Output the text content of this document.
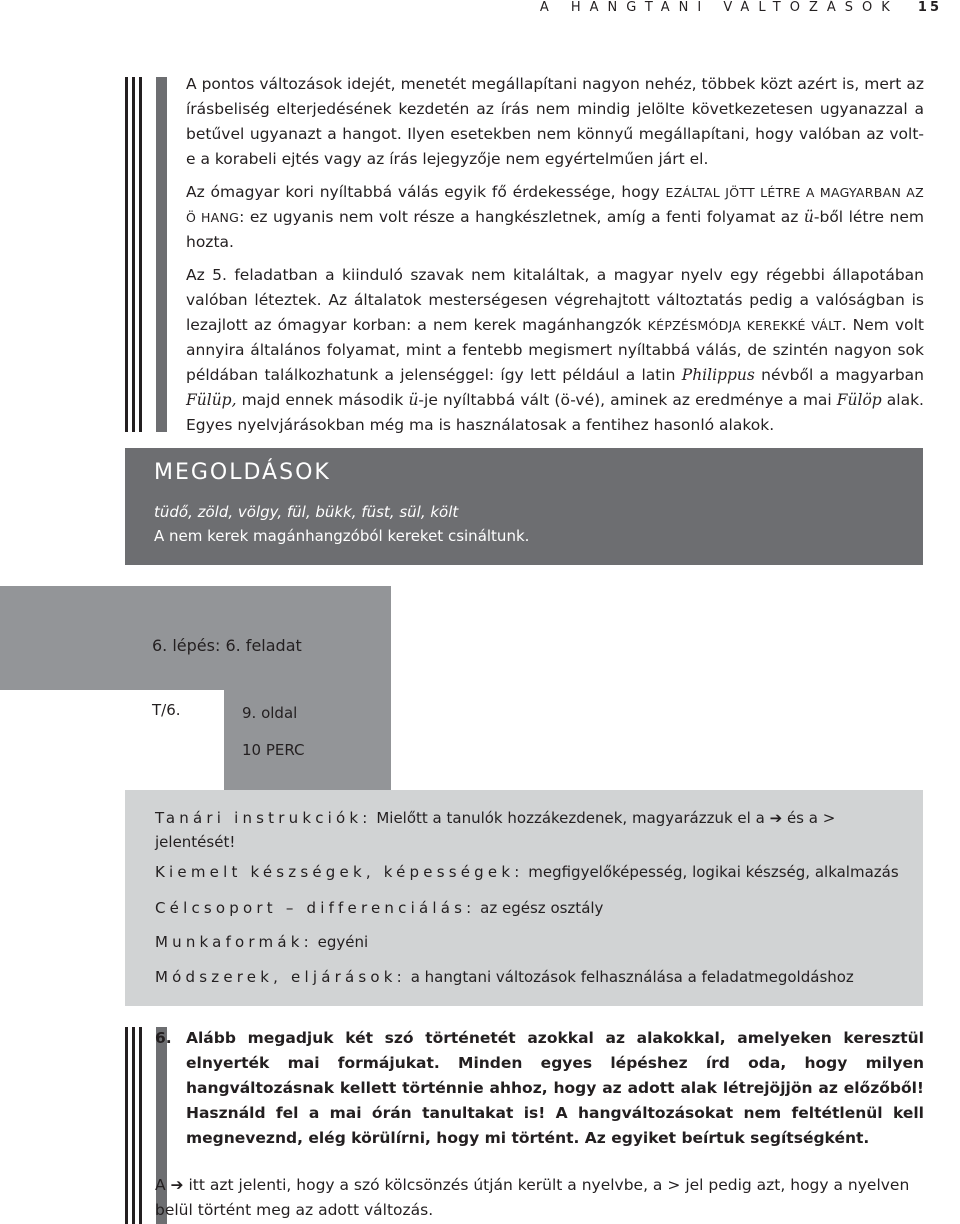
A HANGTANI VÁLTOZÁSOK 15

A pontos változások idejét, menetét megállapítani nagyon nehéz, többek közt azért is, mert az írásbeliség elterjedésének kezdetén az írás nem mindig jelölte következetesen ugyanazzal a betűvel ugyanazt a hangot. Ilyen esetekben nem könnyű megállapítani, hogy valóban az volt-e a korabeli ejtés vagy az írás lejegyzője nem egyértelműen járt el.

Az ómagyar kori nyíltabbá válás egyik fő érdekessége, hogy EZÁLTAL JÖTT LÉTRE A MAGYARBAN AZ Ö HANG: ez ugyanis nem volt része a hangkészletnek, amíg a fenti folyamat az ü-ből létre nem hozta.

Az 5. feladatban a kiinduló szavak nem kitaláltak, a magyar nyelv egy régebbi állapotában valóban léteztek. Az általatok mesterségesen végrehajtott változtatás pedig a valóságban is lezajlott az ómagyar korban: a nem kerek magánhangzók KÉPZÉSMÓDJA KEREKKÉ VÁLT. Nem volt annyira általános folyamat, mint a fentebb megismert nyíltabbá válás, de szintén nagyon sok példában találkozhatunk a jelenséggel: így lett például a latin Philippus névből a magyarban Fülüp, majd ennek második ü-je nyíltabbá vált (ö-vé), aminek az eredménye a mai Fülöp alak. Egyes nyelvjárásokban még ma is használatosak a fentihez hasonló alakok.

MEGOLDÁSOK
tüdő, zöld, völgy, fül, bükk, füst, sül, költ
A nem kerek magánhangzóból kereket csináltunk.
6. lépés: 6. feladat
T/6.	9. oldal
10 PERC
Tanári instrukciók: Mielőtt a tanulók hozzákezdenek, magyarázzuk el a ➔ és a > jelentését!
Kiemelt készségek, képességek: megfigyelőképesség, logikai készség, alkalmazás
Célcsoport – differenciálás: az egész osztály
Munkaformák: egyéni
Módszerek, eljárások: a hangtani változások felhasználása a feladatmegoldáshoz
6. Alább megadjuk két szó történetét azokkal az alakokkal, amelyeken keresztül elnyerték mai formájukat. Minden egyes lépéshez írd oda, hogy milyen hangváltozásnak kellett történnie ahhoz, hogy az adott alak létrejöjjön az előzőből! Használd fel a mai órán tanultakat is! A hangváltozásokat nem feltétlenül kell megneveznd, elég körülírni, hogy mi történt. Az egyiket beírtuk segítségként.
A ➔ itt azt jelenti, hogy a szó kölcsönzés útján került a nyelvbe, a > jel pedig azt, hogy a nyelven belül történt meg az adott változás.
